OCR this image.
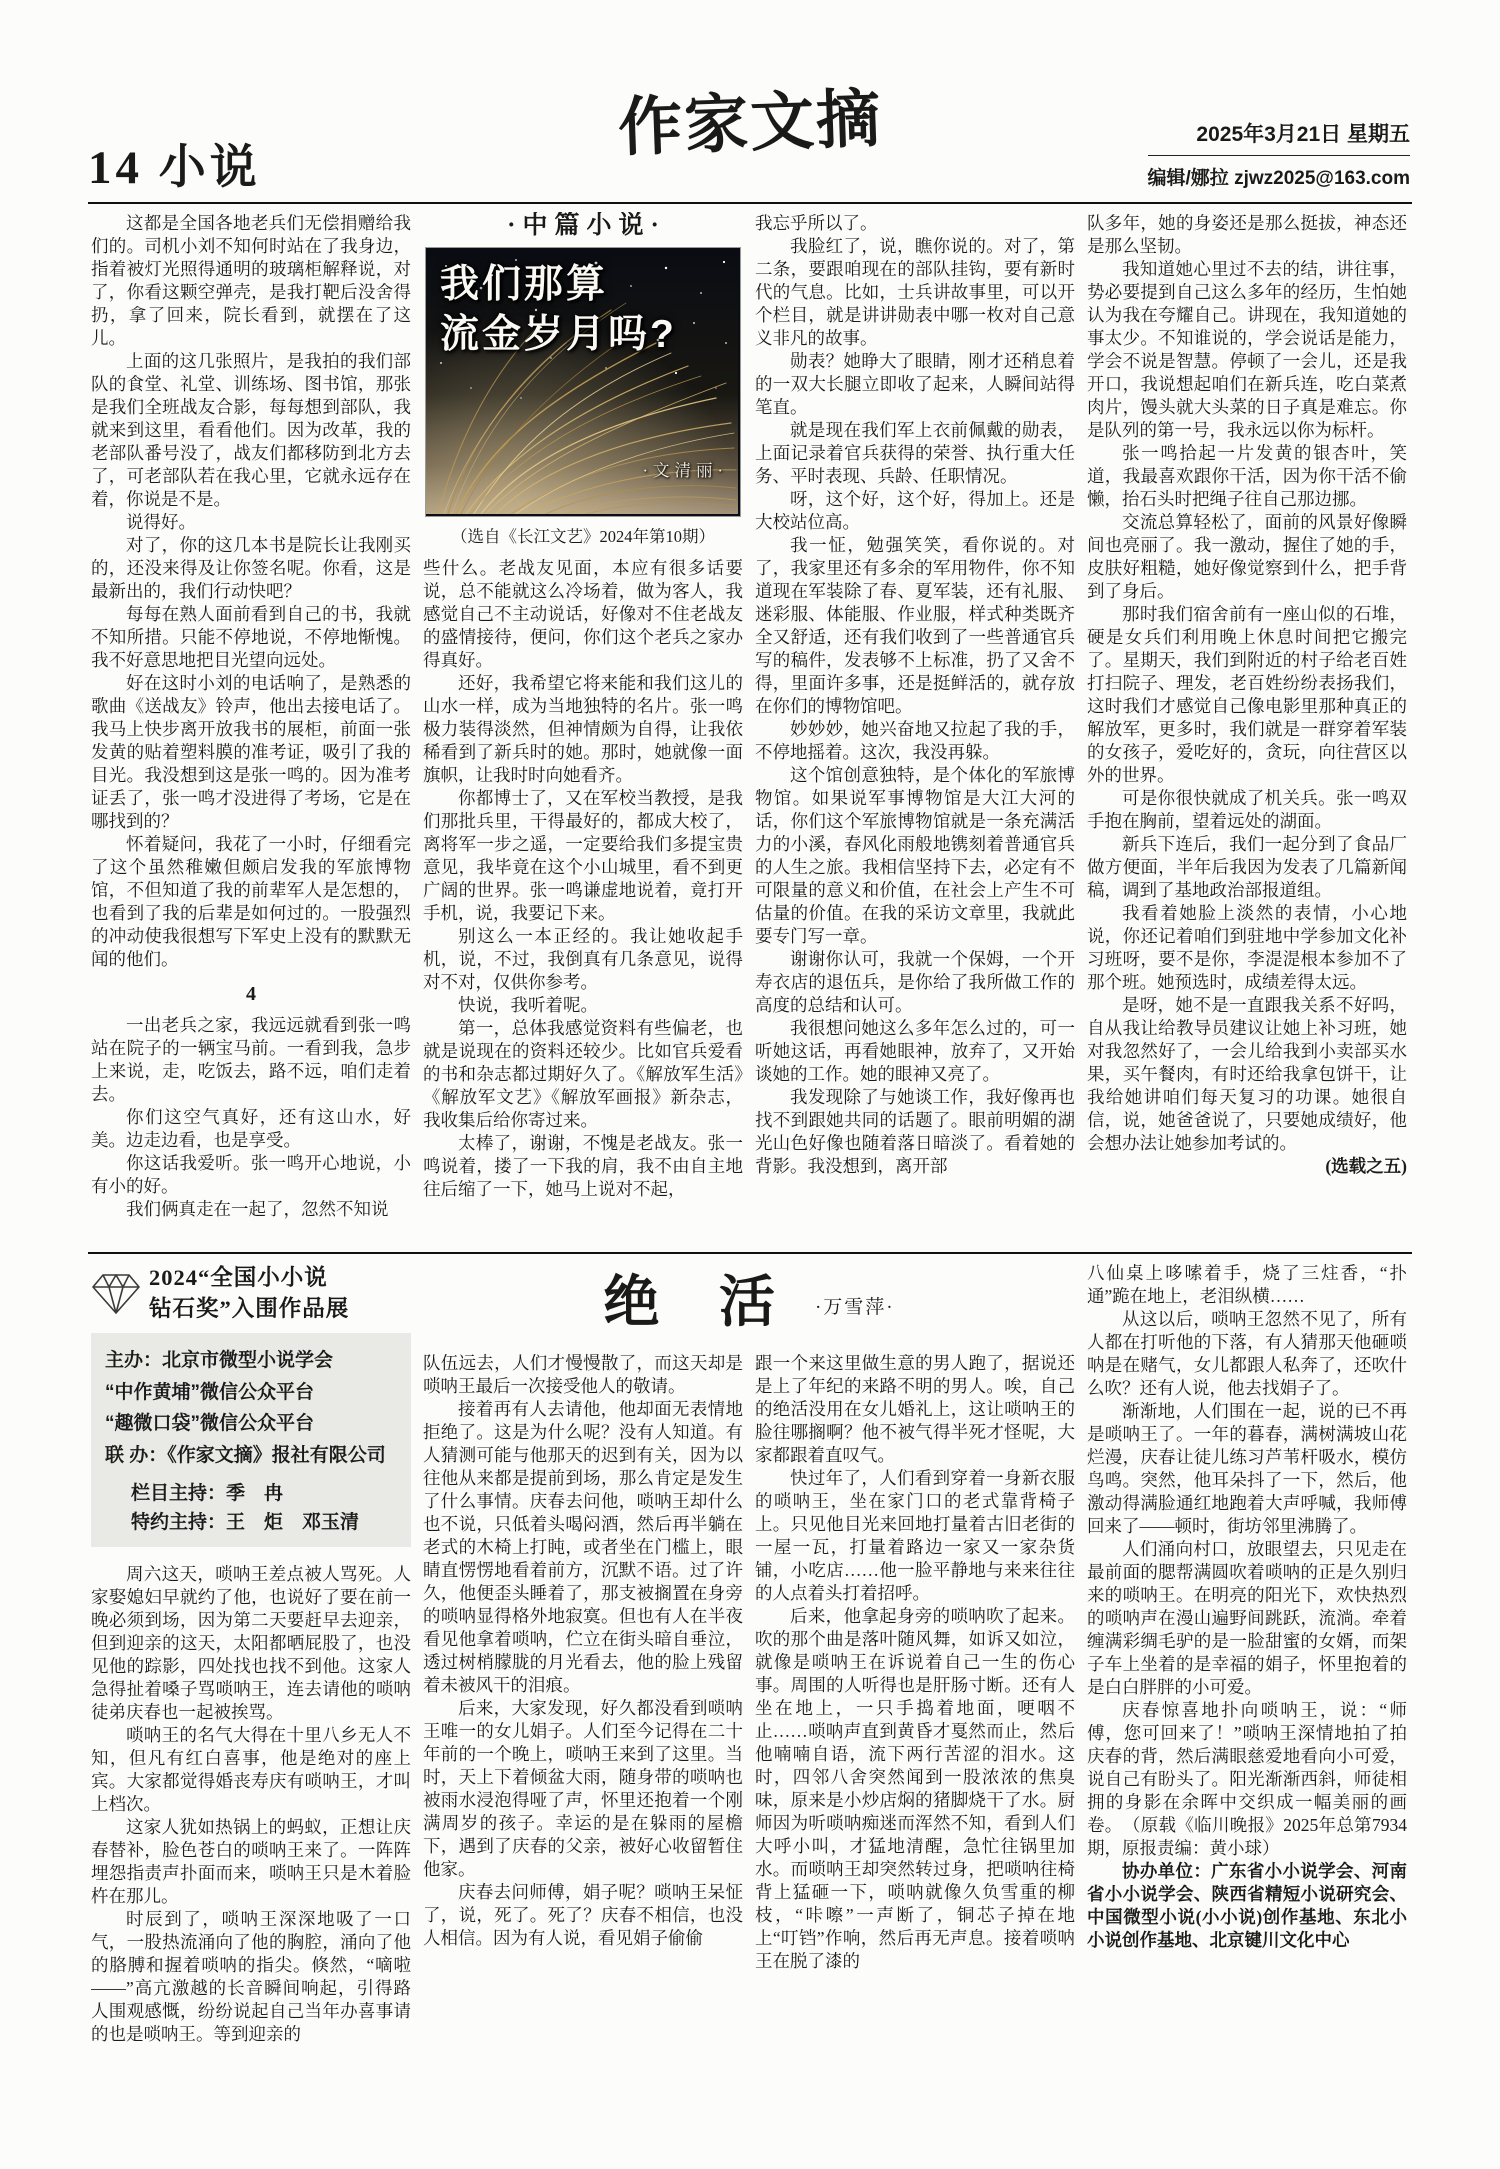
14 小说
作家文摘	2025年3月21日 星期五
编辑/娜拉 zjwz2025@163.com

这都是全国各地老兵们无偿捐赠给我们的。司机小刘不知何时站在了我身边，指着被灯光照得通明的玻璃柜解释说，对了，你看这颗空弹壳，是我打靶后没舍得扔，拿了回来，院长看到，就摆在了这儿。

上面的这几张照片，是我拍的我们部队的食堂、礼堂、训练场、图书馆，那张是我们全班战友合影，每每想到部队，我就来到这里，看看他们。因为改革，我的老部队番号没了，战友们都移防到北方去了，可老部队若在我心里，它就永远存在着，你说是不是。

说得好。

对了，你的这几本书是院长让我刚买的，还没来得及让你签名呢。你看，这是最新出的，我们行动快吧？

每每在熟人面前看到自己的书，我就不知所措。只能不停地说，不停地惭愧。我不好意思地把目光望向远处。

好在这时小刘的电话响了，是熟悉的歌曲《送战友》铃声，他出去接电话了。我马上快步离开放我书的展柜，前面一张发黄的贴着塑料膜的准考证，吸引了我的目光。我没想到这是张一鸣的。因为准考证丢了，张一鸣才没进得了考场，它是在哪找到的？

怀着疑问，我花了一小时，仔细看完了这个虽然稚嫩但颇启发我的军旅博物馆，不但知道了我的前辈军人是怎想的，也看到了我的后辈是如何过的。一股强烈的冲动使我很想写下军史上没有的默默无闻的他们。

4

一出老兵之家，我远远就看到张一鸣站在院子的一辆宝马前。一看到我，急步上来说，走，吃饭去，路不远，咱们走着去。

你们这空气真好，还有这山水，好美。边走边看，也是享受。

你这话我爱听。张一鸣开心地说，小有小的好。

我们俩真走在一起了，忽然不知说

·中篇小说·
我们那算
流金岁月吗?
·文清丽·
（选自《长江文艺》2024年第10期）

些什么。老战友见面，本应有很多话要说，总不能就这么冷场着，做为客人，我感觉自己不主动说话，好像对不住老战友的盛情接待，便问，你们这个老兵之家办得真好。

还好，我希望它将来能和我们这儿的山水一样，成为当地独特的名片。张一鸣极力装得淡然，但神情颇为自得，让我依稀看到了新兵时的她。那时，她就像一面旗帜，让我时时向她看齐。

你都博士了，又在军校当教授，是我们那批兵里，干得最好的，都成大校了，离将军一步之遥，一定要给我们多提宝贵意见，我毕竟在这个小山城里，看不到更广阔的世界。张一鸣谦虚地说着，竟打开手机，说，我要记下来。

别这么一本正经的。我让她收起手机，说，不过，我倒真有几条意见，说得对不对，仅供你参考。

快说，我听着呢。

第一，总体我感觉资料有些偏老，也就是说现在的资料还较少。比如官兵爱看的书和杂志都过期好久了。《解放军生活》《解放军文艺》《解放军画报》新杂志，我收集后给你寄过来。

太棒了，谢谢，不愧是老战友。张一鸣说着，搂了一下我的肩，我不由自主地往后缩了一下，她马上说对不起，

我忘乎所以了。

我脸红了，说，瞧你说的。对了，第二条，要跟咱现在的部队挂钩，要有新时代的气息。比如，士兵讲故事里，可以开个栏目，就是讲讲勋表中哪一枚对自己意义非凡的故事。

勋表？她睁大了眼睛，刚才还稍息着的一双大长腿立即收了起来，人瞬间站得笔直。

就是现在我们军上衣前佩戴的勋表，上面记录着官兵获得的荣誉、执行重大任务、平时表现、兵龄、任职情况。

呀，这个好，这个好，得加上。还是大校站位高。

我一怔，勉强笑笑，看你说的。对了，我家里还有多余的军用物件，你不知道现在军装除了春、夏军装，还有礼服、迷彩服、体能服、作业服，样式种类既齐全又舒适，还有我们收到了一些普通官兵写的稿件，发表够不上标准，扔了又舍不得，里面许多事，还是挺鲜活的，就存放在你们的博物馆吧。

妙妙妙，她兴奋地又拉起了我的手，不停地摇着。这次，我没再躲。

这个馆创意独特，是个体化的军旅博物馆。如果说军事博物馆是大江大河的话，你们这个军旅博物馆就是一条充满活力的小溪，春风化雨般地镌刻着普通官兵的人生之旅。我相信坚持下去，必定有不可限量的意义和价值，在社会上产生不可估量的价值。在我的采访文章里，我就此要专门写一章。

谢谢你认可，我就一个保姆，一个开寿衣店的退伍兵，是你给了我所做工作的高度的总结和认可。

我很想问她这么多年怎么过的，可一听她这话，再看她眼神，放弃了，又开始谈她的工作。她的眼神又亮了。

我发现除了与她谈工作，我好像再也找不到跟她共同的话题了。眼前明媚的湖光山色好像也随着落日暗淡了。看着她的背影。我没想到，离开部

队多年，她的身姿还是那么挺拔，神态还是那么坚韧。

我知道她心里过不去的结，讲往事，势必要提到自己这么多年的经历，生怕她认为我在夸耀自己。讲现在，我知道她的事太少。不知谁说的，学会说话是能力，学会不说是智慧。停顿了一会儿，还是我开口，我说想起咱们在新兵连，吃白菜煮肉片，馒头就大头菜的日子真是难忘。你是队列的第一号，我永远以你为标杆。

张一鸣拾起一片发黄的银杏叶，笑道，我最喜欢跟你干活，因为你干活不偷懒，抬石头时把绳子往自己那边挪。

交流总算轻松了，面前的风景好像瞬间也亮丽了。我一激动，握住了她的手，皮肤好粗糙，她好像觉察到什么，把手背到了身后。

那时我们宿舍前有一座山似的石堆，硬是女兵们利用晚上休息时间把它搬完了。星期天，我们到附近的村子给老百姓打扫院子、理发，老百姓纷纷表扬我们，这时我们才感觉自己像电影里那种真正的解放军，更多时，我们就是一群穿着军装的女孩子，爱吃好的，贪玩，向往营区以外的世界。

可是你很快就成了机关兵。张一鸣双手抱在胸前，望着远处的湖面。

新兵下连后，我们一起分到了食品厂做方便面，半年后我因为发表了几篇新闻稿，调到了基地政治部报道组。

我看着她脸上淡然的表情，小心地说，你还记着咱们到驻地中学参加文化补习班呀，要不是你，李湜湜根本参加不了那个班。她预选时，成绩差得太远。

是呀，她不是一直跟我关系不好吗，自从我让给教导员建议让她上补习班，她对我忽然好了，一会儿给我到小卖部买水果，买午餐肉，有时还给我拿包饼干，让我给她讲咱们每天复习的功课。她很自信，说，她爸爸说了，只要她成绩好，他会想办法让她参加考试的。

(选载之五)

2024“全国小小说
钻石奖”入围作品展
主办：北京市微型小说学会
“中作黄埔”微信公众平台
“趣微口袋”微信公众平台
联 办：《作家文摘》报社有限公司
栏目主持：季　冉
特约主持：王　炬　邓玉清

周六这天，唢呐王差点被人骂死。人家娶媳妇早就约了他，也说好了要在前一晚必须到场，因为第二天要赶早去迎亲，但到迎亲的这天，太阳都晒屁股了，也没见他的踪影，四处找也找不到他。这家人急得扯着嗓子骂唢呐王，连去请他的唢呐徒弟庆春也一起被挨骂。

唢呐王的名气大得在十里八乡无人不知，但凡有红白喜事，他是绝对的座上宾。大家都觉得婚丧寿庆有唢呐王，才叫上档次。

这家人犹如热锅上的蚂蚁，正想让庆春替补，脸色苍白的唢呐王来了。一阵阵埋怨指责声扑面而来，唢呐王只是木着脸杵在那儿。

时辰到了，唢呐王深深地吸了一口气，一股热流涌向了他的胸腔，涌向了他的胳膊和握着唢呐的指尖。倏然，“嘀啦——”高亢激越的长音瞬间响起，引得路人围观感慨，纷纷说起自己当年办喜事请的也是唢呐王。等到迎亲的

绝 活 ·万雪萍·

队伍远去，人们才慢慢散了，而这天却是唢呐王最后一次接受他人的敬请。

接着再有人去请他，他却面无表情地拒绝了。这是为什么呢？没有人知道。有人猜测可能与他那天的迟到有关，因为以往他从来都是提前到场，那么肯定是发生了什么事情。庆春去问他，唢呐王却什么也不说，只低着头喝闷酒，然后再半躺在老式的木椅上打盹，或者坐在门槛上，眼睛直愣愣地看着前方，沉默不语。过了许久，他便歪头睡着了，那支被搁置在身旁的唢呐显得格外地寂寞。但也有人在半夜看见他拿着唢呐，伫立在街头暗自垂泣，透过树梢朦胧的月光看去，他的脸上残留着未被风干的泪痕。

后来，大家发现，好久都没看到唢呐王唯一的女儿娟子。人们至今记得在二十年前的一个晚上，唢呐王来到了这里。当时，天上下着倾盆大雨，随身带的唢呐也被雨水浸泡得哑了声，怀里还抱着一个刚满周岁的孩子。幸运的是在躲雨的屋檐下，遇到了庆春的父亲，被好心收留暂住他家。

庆春去问师傅，娟子呢？唢呐王呆怔了，说，死了。死了？庆春不相信，也没人相信。因为有人说，看见娟子偷偷

跟一个来这里做生意的男人跑了，据说还是上了年纪的来路不明的男人。唉，自己的绝活没用在女儿婚礼上，这让唢呐王的脸往哪搁啊？他不被气得半死才怪呢，大家都跟着直叹气。

快过年了，人们看到穿着一身新衣服的唢呐王，坐在家门口的老式靠背椅子上。只见他目光来回地打量着古旧老街的一屋一瓦，打量着路边一家又一家杂货铺，小吃店……他一脸平静地与来来往往的人点着头打着招呼。

后来，他拿起身旁的唢呐吹了起来。吹的那个曲是落叶随风舞，如诉又如泣，就像是唢呐王在诉说着自己一生的伤心事。周围的人听得也是肝肠寸断。还有人坐在地上，一只手捣着地面，哽咽不止……唢呐声直到黄昏才戛然而止，然后他喃喃自语，流下两行苦涩的泪水。这时，四邻八舍突然闻到一股浓浓的焦臭味，原来是小炒店焖的猪脚烧干了水。厨师因为听唢呐痴迷而浑然不知，看到人们大呼小叫，才猛地清醒，急忙往锅里加水。而唢呐王却突然转过身，把唢呐往椅背上猛砸一下，唢呐就像久负雪重的柳枝，“咔嚓”一声断了，铜芯子掉在地上“叮铛”作响，然后再无声息。接着唢呐王在脱了漆的

八仙桌上哆嗦着手，烧了三炷香，“扑通”跪在地上，老泪纵横……

从这以后，唢呐王忽然不见了，所有人都在打听他的下落，有人猜那天他砸唢呐是在赌气，女儿都跟人私奔了，还吹什么吹？还有人说，他去找娟子了。

渐渐地，人们围在一起，说的已不再是唢呐王了。一年的暮春，满树满坡山花烂漫，庆春让徒儿练习芦苇杆吸水，模仿鸟鸣。突然，他耳朵抖了一下，然后，他激动得满脸通红地跑着大声呼喊，我师傅回来了——顿时，街坊邻里沸腾了。

人们涌向村口，放眼望去，只见走在最前面的腮帮满圆吹着唢呐的正是久别归来的唢呐王。在明亮的阳光下，欢快热烈的唢呐声在漫山遍野间跳跃，流淌。牵着缠满彩绸毛驴的是一脸甜蜜的女婿，而架子车上坐着的是幸福的娟子，怀里抱着的是白白胖胖的小可爱。

庆春惊喜地扑向唢呐王，说：“师傅，您可回来了！”唢呐王深情地拍了拍庆春的背，然后满眼慈爱地看向小可爱，说自己有盼头了。阳光渐渐西斜，师徒相拥的身影在余晖中交织成一幅美丽的画卷。　（原载《临川晚报》2025年总第7934期，原报责编：黄小球）

协办单位：广东省小小说学会、河南省小小说学会、陕西省精短小说研究会、中国微型小说(小小说)创作基地、东北小小说创作基地、北京键川文化中心
